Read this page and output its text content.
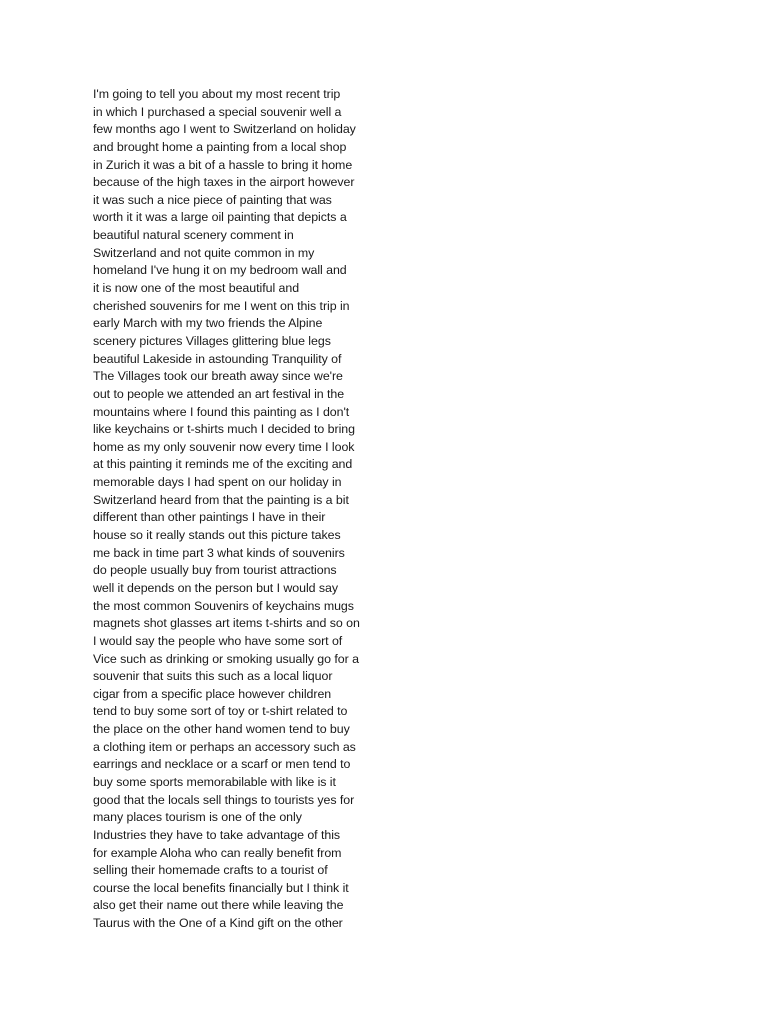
I'm going to tell you about my most recent trip
in which I purchased a special souvenir well a
few months ago I went to Switzerland on holiday
and brought home a painting from a local shop
in Zurich it was a bit of a hassle to bring it home
because of the high taxes in the airport however
it was such a nice piece of painting that was
worth it it was a large oil painting that depicts a
beautiful natural scenery comment in
Switzerland and not quite common in my
homeland I've hung it on my bedroom wall and
it is now one of the most beautiful and
cherished souvenirs for me I went on this trip in
early March with my two friends the Alpine
scenery pictures Villages glittering blue legs
beautiful Lakeside in astounding Tranquility of
The Villages took our breath away since we're
out to people we attended an art festival in the
mountains where I found this painting as I don't
like keychains or t-shirts much I decided to bring
home as my only souvenir now every time I look
at this painting it reminds me of the exciting and
memorable days I had spent on our holiday in
Switzerland heard from that the painting is a bit
different than other paintings I have in their
house so it really stands out this picture takes
me back in time part 3 what kinds of souvenirs
do people usually buy from tourist attractions
well it depends on the person but I would say
the most common Souvenirs of keychains mugs
magnets shot glasses art items t-shirts and so on
I would say the people who have some sort of
Vice such as drinking or smoking usually go for a
souvenir that suits this such as a local liquor
cigar from a specific place however children
tend to buy some sort of toy or t-shirt related to
the place on the other hand women tend to buy
a clothing item or perhaps an accessory such as
earrings and necklace or a scarf or men tend to
buy some sports memorabilable with like is it
good that the locals sell things to tourists yes for
many places tourism is one of the only
Industries they have to take advantage of this
for example Aloha who can really benefit from
selling their homemade crafts to a tourist of
course the local benefits financially but I think it
also get their name out there while leaving the
Taurus with the One of a Kind gift on the other
